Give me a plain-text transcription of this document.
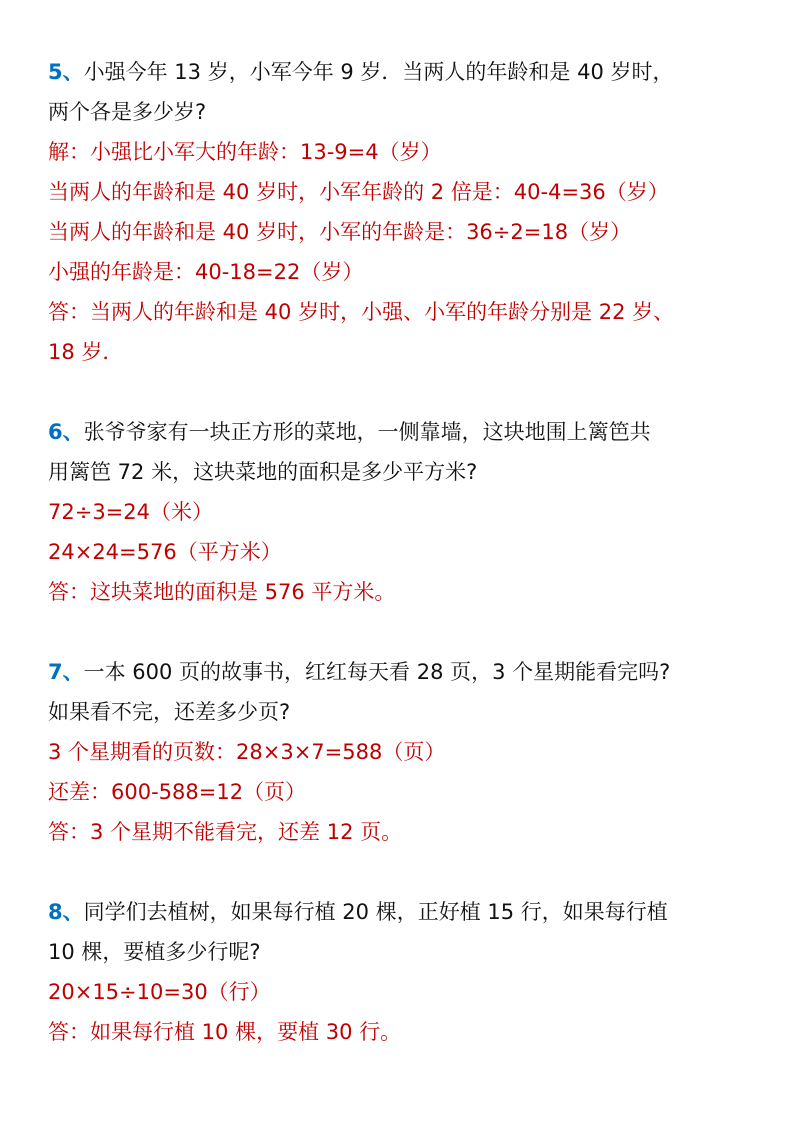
5、小强今年 13 岁，小军今年 9 岁．当两人的年龄和是 40 岁时，
两个各是多少岁?
解：小强比小军大的年龄：13-9=4（岁）
当两人的年龄和是 40 岁时，小军年龄的 2 倍是：40-4=36（岁）
当两人的年龄和是 40 岁时，小军的年龄是：36÷2=18（岁）
小强的年龄是：40-18=22（岁）
答：当两人的年龄和是 40 岁时，小强、小军的年龄分别是 22 岁、
18 岁．
6、张爷爷家有一块正方形的菜地，一侧靠墙，这块地围上篱笆共
用篱笆 72 米，这块菜地的面积是多少平方米?
72÷3=24（米）
24×24=576（平方米）
答：这块菜地的面积是 576 平方米。
7、一本 600 页的故事书，红红每天看 28 页，3 个星期能看完吗?
如果看不完，还差多少页?
3 个星期看的页数：28×3×7=588（页）
还差：600-588=12（页）
答：3 个星期不能看完，还差 12 页。
8、同学们去植树，如果每行植 20 棵，正好植 15 行，如果每行植
10 棵，要植多少行呢?
20×15÷10=30（行）
答：如果每行植 10 棵，要植 30 行。
